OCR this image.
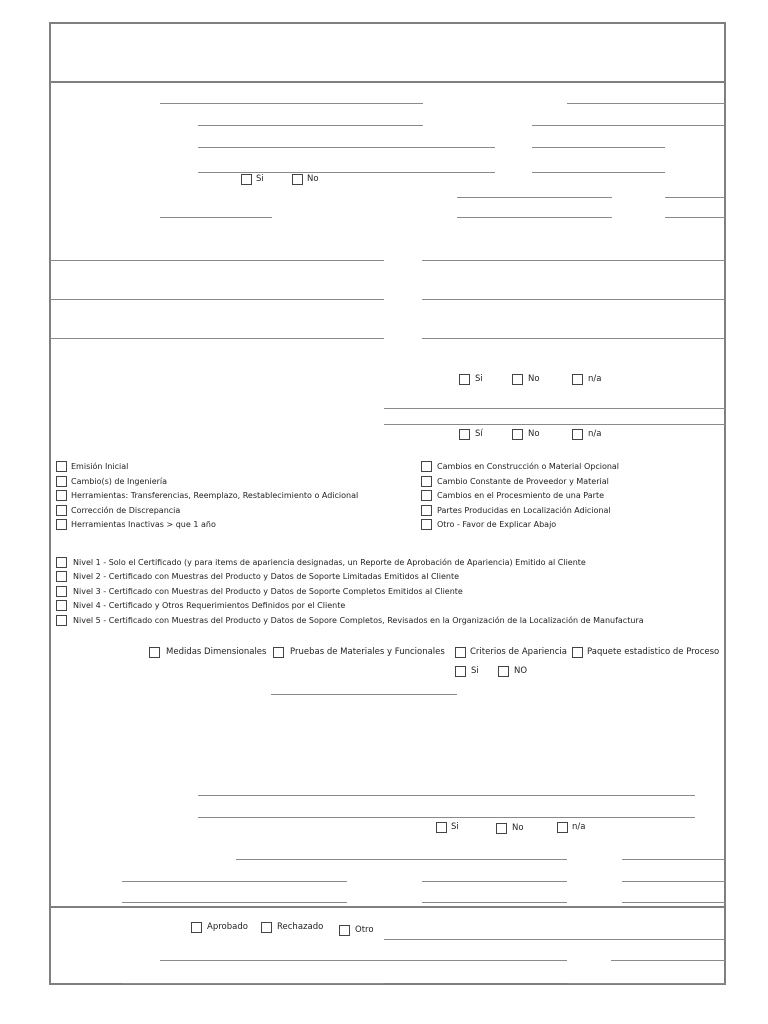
Si	No
Si	No	n/a
Sí	No	n/a
Emisión Inicial
Cambio(s) de Ingeniería
Herramientas: Transferencias, Reemplazo, Restablecimiento o Adicional
Corrección de Discrepancia
Herramientas Inactivas > que 1 año
Cambios en Construcción o Material Opcional
Cambio Constante de Proveedor y Material
Cambios en el Procesmiento de una Parte
Partes Producidas en Localización Adicional
Otro - Favor de Explicar Abajo
Nivel 1 - Solo el Certificado (y para items de apariencia designadas, un Reporte de Aprobación de Apariencia) Emitido al Cliente
Nivel 2 - Certificado con Muestras del Producto y Datos de Soporte Limitadas Emitidos al Cliente
Nivel 3 - Certificado con Muestras del Producto y Datos de Soporte Completos Emitidos al Cliente
Nivel 4 - Certificado y Otros Requerimientos Definidos por el Cliente
Nivel 5 - Certificado con Muestras del Producto y Datos de Sopore Completos, Revisados en la Organización de la Localización de Manufactura
Medidas Dimensionales	Pruebas de Materiales y Funcionales	Criterios de Apariencia Paquete estadistico de Proceso
Si	NO
Si	No	n/a
Aprobado	Rechazado	Otro
